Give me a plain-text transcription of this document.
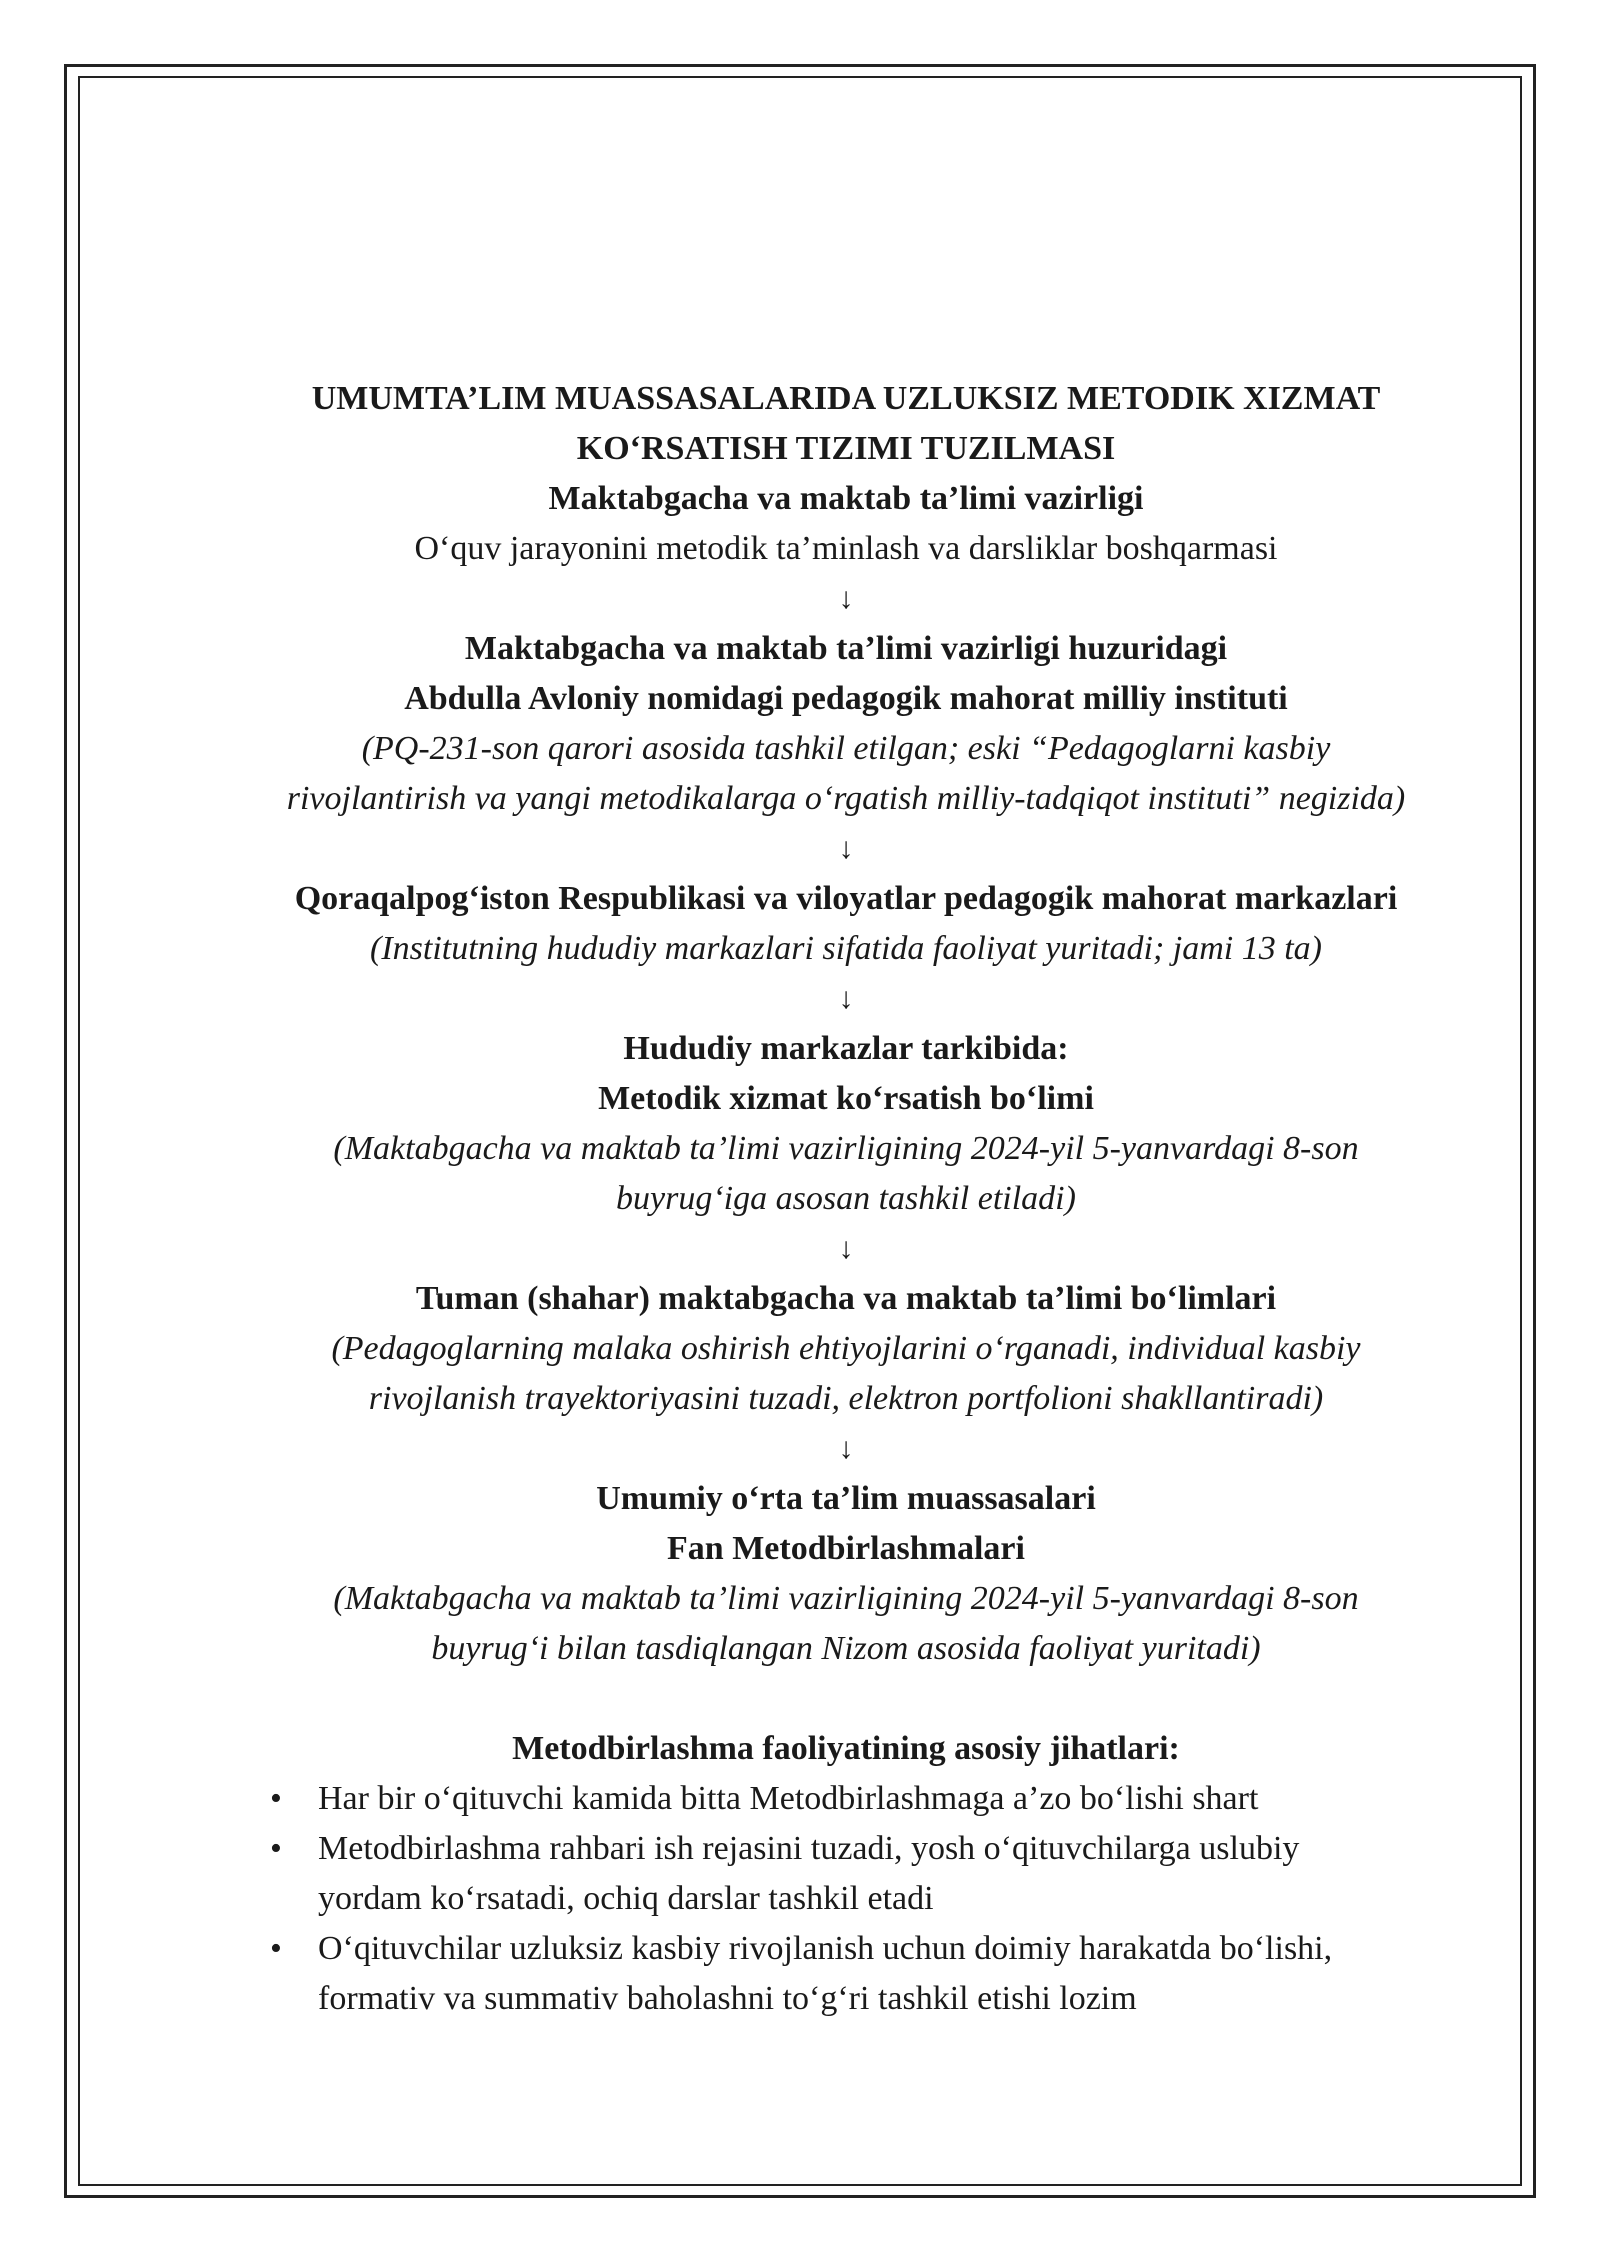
UMUMTA’LIM MUASSASALARIDA UZLUKSIZ METODIK XIZMAT
KO‘RSATISH TIZIMI TUZILMASI
Maktabgacha va maktab ta’limi vazirligi
O‘quv jarayonini metodik ta’minlash va darsliklar boshqarmasi
↓
Maktabgacha va maktab ta’limi vazirligi huzuridagi
Abdulla Avloniy nomidagi pedagogik mahorat milliy instituti
(PQ-231-son qarori asosida tashkil etilgan; eski “Pedagoglarni kasbiy
rivojlantirish va yangi metodikalarga o‘rgatish milliy-tadqiqot instituti” negizida)
↓
Qoraqalpog‘iston Respublikasi va viloyatlar pedagogik mahorat markazlari
(Institutning hududiy markazlari sifatida faoliyat yuritadi; jami 13 ta)
↓
Hududiy markazlar tarkibida:
Metodik xizmat ko‘rsatish bo‘limi
(Maktabgacha va maktab ta’limi vazirligining 2024-yil 5-yanvardagi 8-son
buyrug‘iga asosan tashkil etiladi)
↓
Tuman (shahar) maktabgacha va maktab ta’limi bo‘limlari
(Pedagoglarning malaka oshirish ehtiyojlarini o‘rganadi, individual kasbiy
rivojlanish trayektoriyasini tuzadi, elektron portfolioni shakllantiradi)
↓
Umumiy o‘rta ta’lim muassasalari
Fan Metodbirlashmalari
(Maktabgacha va maktab ta’limi vazirligining 2024-yil 5-yanvardagi 8-son
buyrug‘i bilan tasdiqlangan Nizom asosida faoliyat yuritadi)
Metodbirlashma faoliyatining asosiy jihatlari:
• Har bir o‘qituvchi kamida bitta Metodbirlashmaga a’zo bo‘lishi shart
• Metodbirlashma rahbari ish rejasini tuzadi, yosh o‘qituvchilarga uslubiy
yordam ko‘rsatadi, ochiq darslar tashkil etadi
• O‘qituvchilar uzluksiz kasbiy rivojlanish uchun doimiy harakatda bo‘lishi,
formativ va summativ baholashni to‘g‘ri tashkil etishi lozim
